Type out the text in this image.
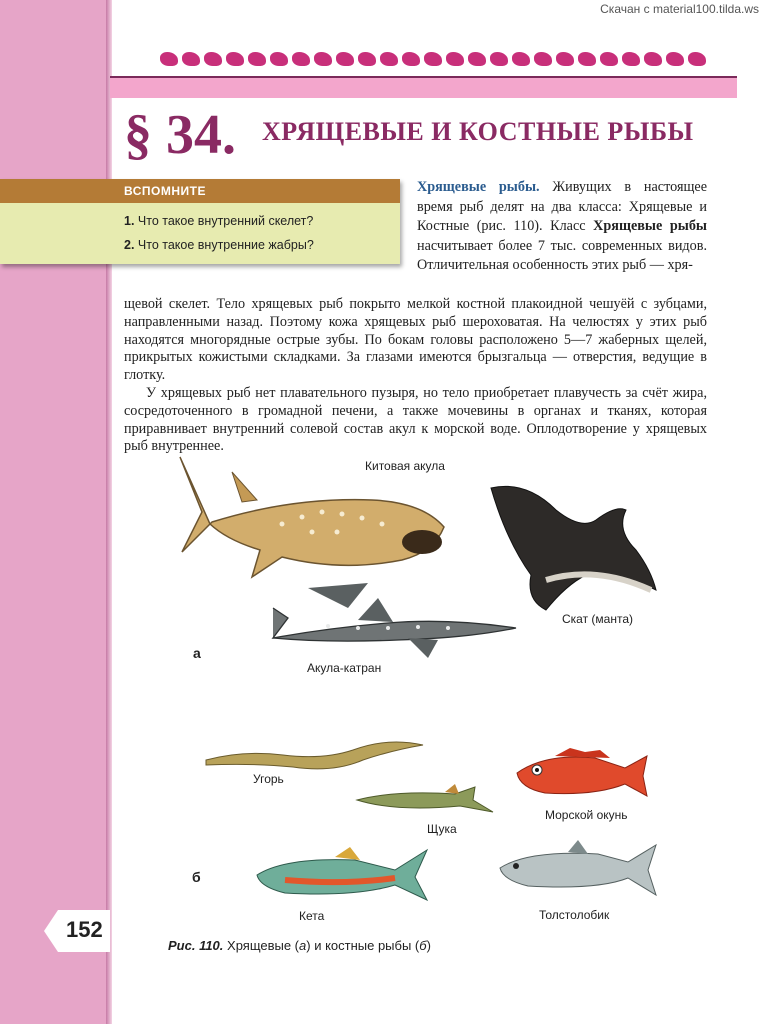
Скачан с material100.tilda.ws
§ 34. ХРЯЩЕВЫЕ И КОСТНЫЕ РЫБЫ
ВСПОМНИТЕ
1. Что такое внутренний скелет?
2. Что такое внутренние жабры?
Хрящевые рыбы. Живущих в настоящее время рыб делят на два класса: Хрящевые и Костные (рис. 110). Класс Хрящевые рыбы насчитывает более 7 тыс. современных видов. Отличительная особенность этих рыб — хря-

щевой скелет. Тело хрящевых рыб покрыто мелкой костной плакоидной чешуёй с зубцами, направленными назад. Поэтому кожа хрящевых рыб шероховатая. На челюстях у этих рыб находятся многорядные острые зубы. По бокам головы расположено 5—7 жаберных щелей, прикрытых кожистыми складками. За глазами имеются брызгальца — отверстия, ведущие в глотку.

У хрящевых рыб нет плавательного пузыря, но тело приобретает плавучесть за счёт жира, сосредоточенного в громадной печени, а также мочевины в органах и тканях, которая приравнивает внутренний солевой состав акул к морской воде. Оплодотворение у хрящевых рыб внутреннее.

Китовая акула
Скат (манта)
Акула-катран
а
Угорь
Щука
Морской окунь
Кета
б
Толстолобик
Рис. 110. Хрящевые (а) и костные рыбы (б)
152
